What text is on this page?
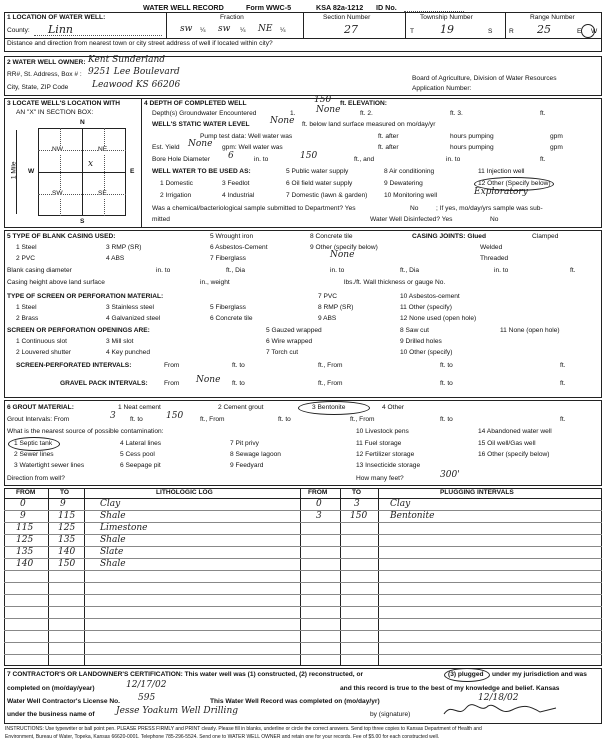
WATER WELL RECORD	Form WWC-5	KSA 82a-1212 ID No.
1 LOCATION OF WATER WELL:
County: Linn
Fraction
sw ¼ sw ¼ NE ¼
Section Number
27
Township Number
T 19	S
Range Number
R 25	E W
Distance and direction from nearest town or city street address of well if located within city?
2 WATER WELL OWNER: Kent Sunderland
RR#, St. Address, Box # : 9251 Lee Boulevard
City, State, ZIP Code	Leawood KS 66206
Board of Agriculture, Division of Water Resources
Application Number:
3 LOCATE WELL'S LOCATION WITH
AN "X" IN SECTION BOX:
N
S
W	E
NW	NE
SW	SE
x
1 Mile
4 DEPTH OF COMPLETED WELL	150 ft. ELEVATION:
Depth(s) Groundwater Encountered	1. None	ft. 2.	ft. 3.	ft.
WELL'S STATIC WATER LEVEL None ft. below land surface measured on mo/day/yr
Pump test data: Well water was	ft. after	hours pumping	gpm
Est. Yield None gpm: Well water was	ft. after	hours pumping	gpm
Bore Hole Diameter 6	in. to	150	ft., and	in. to	ft.
WELL WATER TO BE USED AS:	5 Public water supply	8 Air conditioning	11 Injection well
1 Domestic	3 Feedlot	6 Oil field water supply	9 Dewatering	12 Other (Specify below)
2 Irrigation	4 Industrial	7 Domestic (lawn & garden)	10 Monitoring well	Exploratory
Was a chemical/bacteriological sample submitted to Department? Yes	No	; If yes, mo/day/yrs sample was sub-
mitted	Water Well Disinfected? Yes	No
5 TYPE OF BLANK CASING USED:	5 Wrought iron	8 Concrete tile	CASING JOINTS: Glued	Clamped
1 Steel	3 RMP (SR)	6 Asbestos-Cement	9 Other (specify below)	Welded
2 PVC	4 ABS	7 Fiberglass	None	Threaded
Blank casing diameter	in. to	ft., Dia	in. to	ft., Dia	in. to	ft.
Casing height above land surface	in., weight	lbs./ft. Wall thickness or gauge No.
TYPE OF SCREEN OR PERFORATION MATERIAL:	7 PVC	10 Asbestos-cement
1 Steel	3 Stainless steel	5 Fiberglass	8 RMP (SR)	11 Other (specify)
2 Brass	4 Galvanized steel	6 Concrete tile	9 ABS	12 None used (open hole)
SCREEN OR PERFORATION OPENINGS ARE:	5 Gauzed wrapped	8 Saw cut	11 None (open hole)
1 Continuous slot	3 Mill slot	6 Wire wrapped	9 Drilled holes
2 Louvered shutter	4 Key punched	7 Torch cut	10 Other (specify)
SCREEN-PERFORATED INTERVALS:	From	ft. to	ft., From	ft. to	ft.
GRAVEL PACK INTERVALS: From None ft. to	ft., From	ft. to	ft.
6 GROUT MATERIAL:	1 Neat cement	2 Cement grout	3 Bentonite	4 Other
Grout Intervals: From	3 ft. to	150	ft., From	ft. to	ft., From	ft. to	ft.
What is the nearest source of possible contamination:	10 Livestock pens	14 Abandoned water well
1 Septic tank	4 Lateral lines	7 Pit privy	11 Fuel storage	15 Oil well/Gas well
2 Sewer lines	5 Cess pool	8 Sewage lagoon	12 Fertilizer storage	16 Other (specify below)
3 Watertight sewer lines	6 Seepage pit	9 Feedyard	13 Insecticide storage
Direction from well?	How many feet?	300'
FROM	TO	LITHOLOGIC LOG	FROM	TO	PLUGGING INTERVALS
0	9	Clay
9	115	Shale
115	125	Limestone
125	135	Shale
135	140	Slate
140	150	Shale
0	3	Clay
3	150	Bentonite
7 CONTRACTOR'S OR LANDOWNER'S CERTIFICATION: This water well was (1) constructed, (2) reconstructed, or	(3) plugged under my jurisdiction and was
completed on (mo/day/year)	12/17/02	and this record is true to the best of my knowledge and belief. Kansas
Water Well Contractor's License No. 595	This Water Well Record was completed on (mo/day/yr)	12/18/02
under the business name of Jesse Yoakum Well Drilling	by (signature)
INSTRUCTIONS: Use typewriter or ball point pen. PLEASE PRESS FIRMLY and PRINT clearly. Please fill in blanks, underline or circle the correct answers. Send top three copies to Kansas Department of Health and
Environment, Bureau of Water, Topeka, Kansas 66620-0001. Telephone 785-296-5524. Send one to WATER WELL OWNER and retain one for your records. Fee of $5.00 for each constructed well.
